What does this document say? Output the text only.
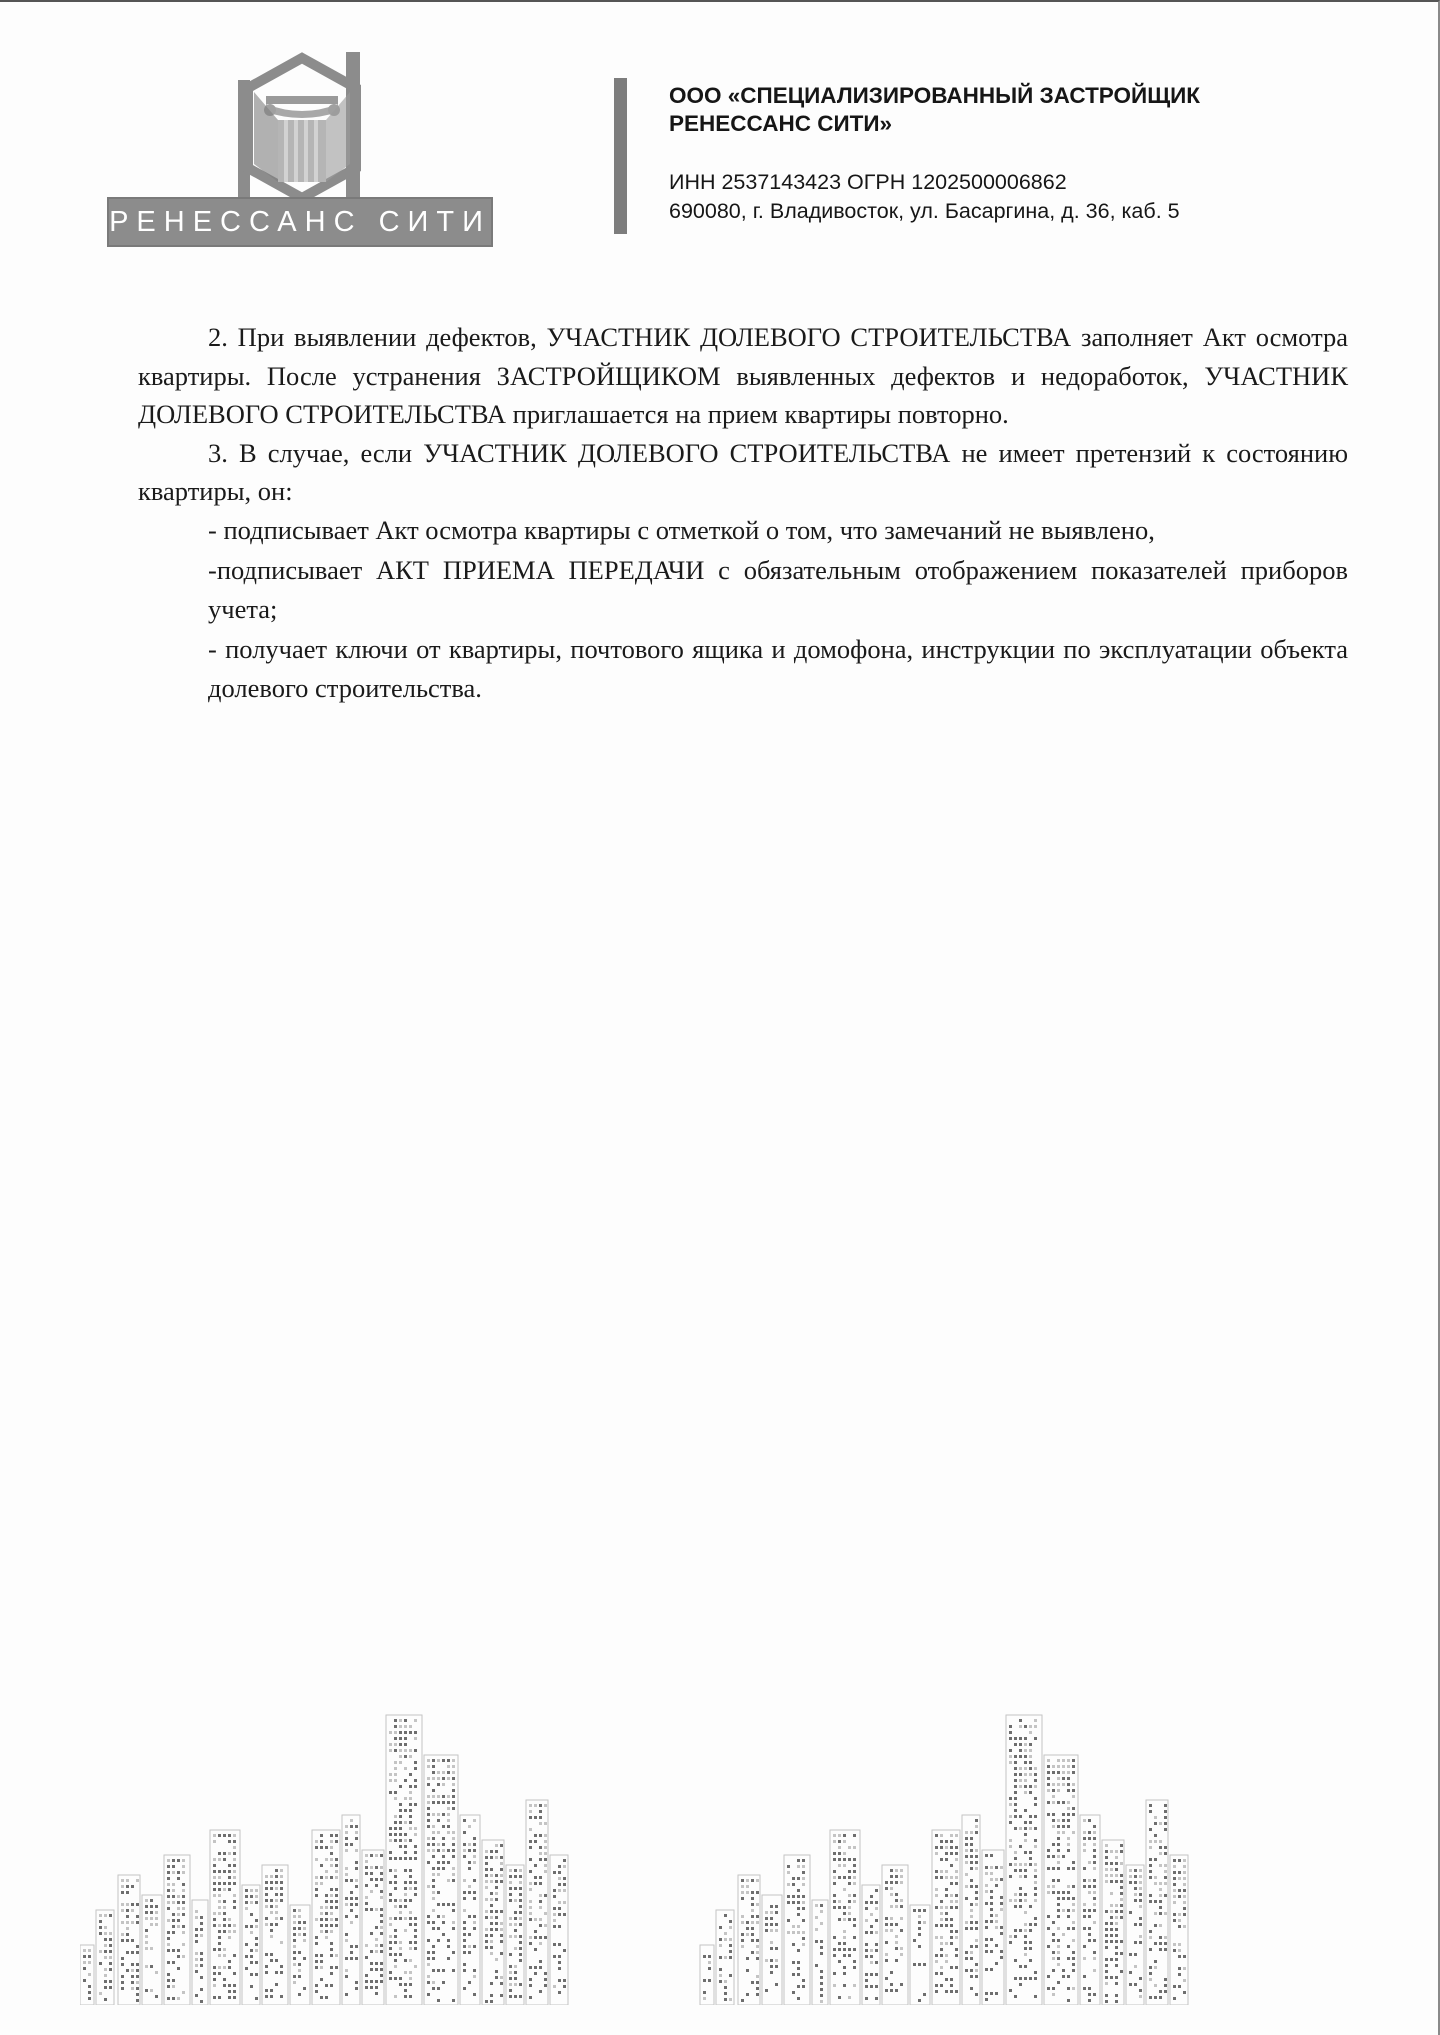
РЕНЕССАНС СИТИ

ООО «СПЕЦИАЛИЗИРОВАННЫЙ ЗАСТРОЙЩИК

РЕНЕССАНС СИТИ»

ИНН 2537143423 ОГРН 1202500006862

690080, г. Владивосток, ул. Басаргина, д. 36, каб. 5

2. При выявлении дефектов, УЧАСТНИК ДОЛЕВОГО СТРОИТЕЛЬСТВА заполняет Акт осмотра квартиры. После устранения ЗАСТРОЙЩИКОМ выявленных дефектов и недоработок, УЧАСТНИК ДОЛЕВОГО СТРОИТЕЛЬСТВА приглашается на прием квартиры повторно.

3. В случае, если УЧАСТНИК ДОЛЕВОГО СТРОИТЕЛЬСТВА не имеет претензий к состоянию квартиры, он:

- подписывает Акт осмотра квартиры с отметкой о том, что замечаний не выявлено,

-подписывает АКТ ПРИЕМА ПЕРЕДАЧИ с обязательным отображением показателей приборов учета;

- получает ключи от квартиры, почтового ящика и домофона, инструкции по эксплуатации объекта долевого строительства.
